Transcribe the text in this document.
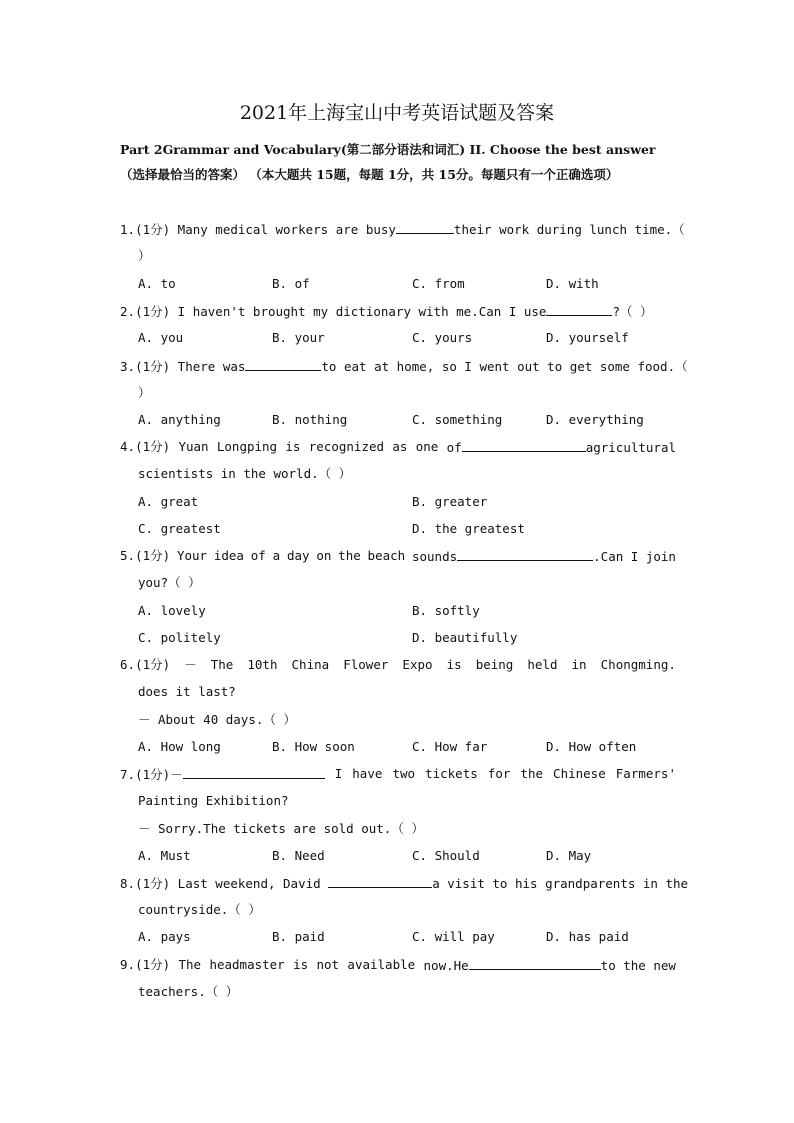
2021年上海宝山中考英语试题及答案
Part 2Grammar and Vocabulary(第二部分语法和词汇) II. Choose the best answer
（选择最恰当的答案） （本大题共 15题，每题 1分，共 15分。每题只有一个正确选项）
1.(1分) Many medical workers are busy	their work during lunch time.（
）
A. to	B. of	C. from	D. with
2.(1分) I haven't brought my dictionary with me.Can I use	?（ ）
A. you	B. your	C. yours	D. yourself
3.(1分) There was	to eat at home, so I went out to get some food.（
）
A. anything	B. nothing	C. something	D. everything
4.(1分) Yuan Longping is recognized as one of	agricultural
scientists in the world.（ ）
A. great	B. greater
C. greatest	D. the greatest
5.(1分) Your idea of a day on the beach sounds	.Can I join
you?（ ）
A. lovely	B. softly
C. politely	D. beautifully
6.(1分) － The 10th China Flower Expo is being held in Chongming.
does it last?
－ About 40 days.（ ）
A. How long	B. How soon	C. How far	D. How often
7.(1分)－	I have two tickets for the Chinese Farmers'
Painting Exhibition?
－ Sorry.The tickets are sold out.（ ）
A. Must	B. Need	C. Should	D. May
8.(1分) Last weekend, David	a visit to his grandparents in the
countryside.（ ）
A. pays	B. paid	C. will pay	D. has paid
9.(1分) The headmaster is not available now.He	to the new
teachers.（ ）
